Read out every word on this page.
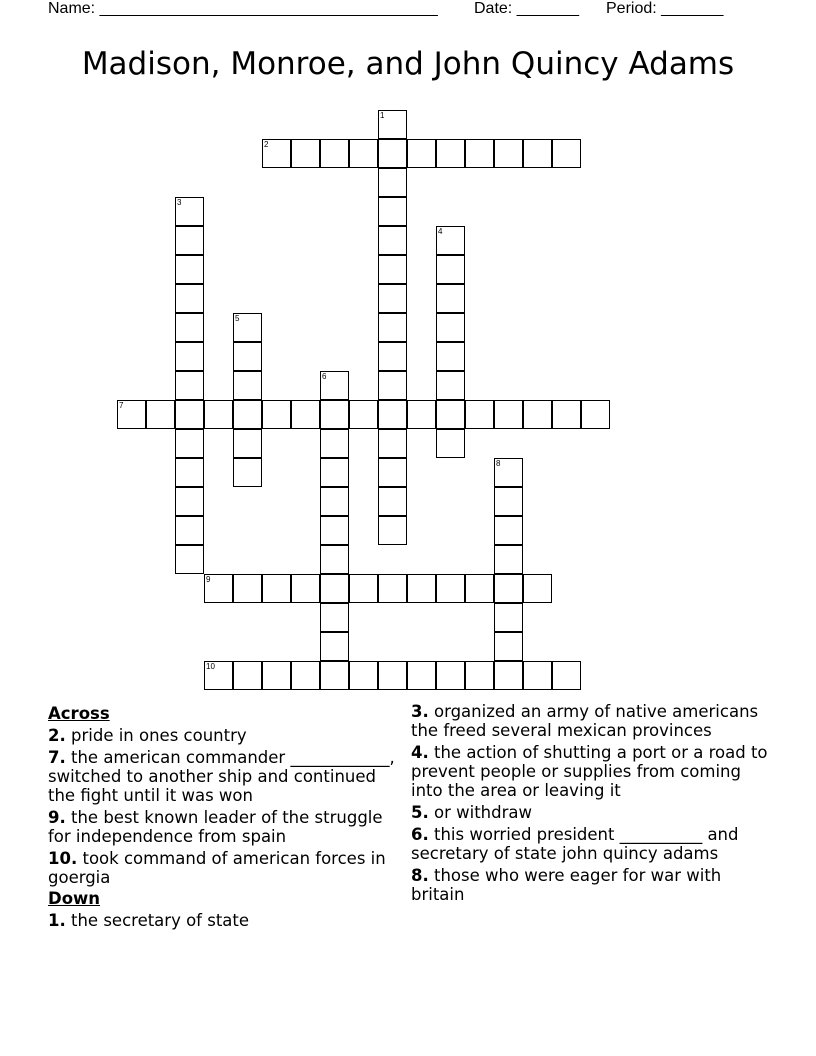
Name: ______________________________________ Date: _______ Period: _______
Madison, Monroe, and John Quincy Adams
1
2
3
4
5
6
7
8
9
10
Across
2. pride in ones country
7. the american commander ____________, switched to another ship and continued the fight until it was won
9. the best known leader of the struggle for independence from spain
10. took command of american forces in goergia
Down
1. the secretary of state
3. organized an army of native americans the freed several mexican provinces
4. the action of shutting a port or a road to prevent people or supplies from coming into the area or leaving it
5. or withdraw
6. this worried president __________ and secretary of state john quincy adams
8. those who were eager for war with britain
